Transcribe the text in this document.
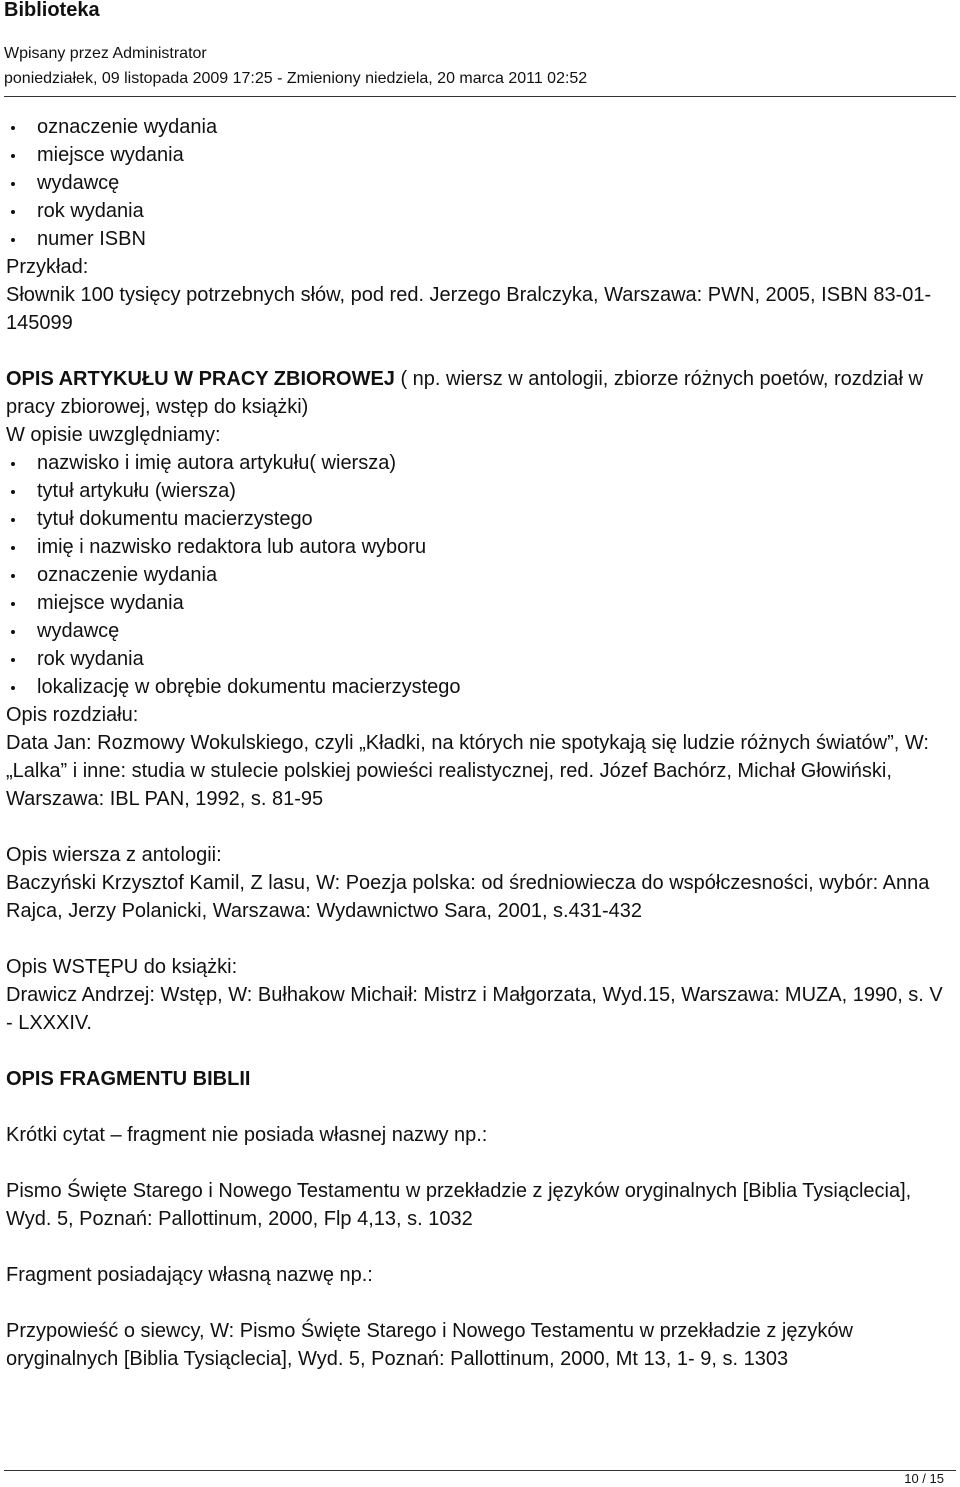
Biblioteka
Wpisany przez Administrator
poniedziałek, 09 listopada 2009 17:25 - Zmieniony niedziela, 20 marca 2011 02:52
oznaczenie wydania
miejsce wydania
wydawcę
rok wydania
numer ISBN

Przykład:

Słownik 100 tysięcy potrzebnych słów, pod red. Jerzego Bralczyka, Warszawa: PWN, 2005, ISBN 83-01-145099

OPIS ARTYKUŁU W PRACY ZBIOROWEJ ( np. wiersz w antologii, zbiorze różnych poetów, rozdział w pracy zbiorowej, wstęp do książki)

W opisie uwzględniamy:

nazwisko i imię autora artykułu( wiersza)
tytuł artykułu (wiersza)
tytuł dokumentu macierzystego
imię i nazwisko redaktora lub autora wyboru
oznaczenie wydania
miejsce wydania
wydawcę
rok wydania
lokalizację w obrębie dokumentu macierzystego

Opis rozdziału:

Data Jan: Rozmowy Wokulskiego, czyli „Kładki, na których nie spotykają się ludzie różnych światów”, W: „Lalka” i inne: studia w stulecie polskiej powieści realistycznej, red. Józef Bachórz, Michał Głowiński, Warszawa: IBL PAN, 1992, s. 81-95

Opis wiersza z antologii:

Baczyński Krzysztof Kamil, Z lasu, W: Poezja polska: od średniowiecza do współczesności, wybór: Anna Rajca, Jerzy Polanicki, Warszawa: Wydawnictwo Sara, 2001, s.431-432

Opis WSTĘPU do książki:

Drawicz Andrzej: Wstęp, W: Bułhakow Michaił: Mistrz i Małgorzata, Wyd.15, Warszawa: MUZA, 1990, s. V - LXXXIV.

OPIS FRAGMENTU BIBLII

Krótki cytat – fragment nie posiada własnej nazwy np.:

Pismo Święte Starego i Nowego Testamentu w przekładzie z języków oryginalnych [Biblia Tysiąclecia], Wyd. 5, Poznań: Pallottinum, 2000, Flp 4,13, s. 1032

Fragment posiadający własną nazwę np.:

Przypowieść o siewcy, W: Pismo Święte Starego i Nowego Testamentu w przekładzie z języków oryginalnych [Biblia Tysiąclecia], Wyd. 5, Poznań: Pallottinum, 2000, Mt 13, 1- 9, s. 1303

10 / 15
